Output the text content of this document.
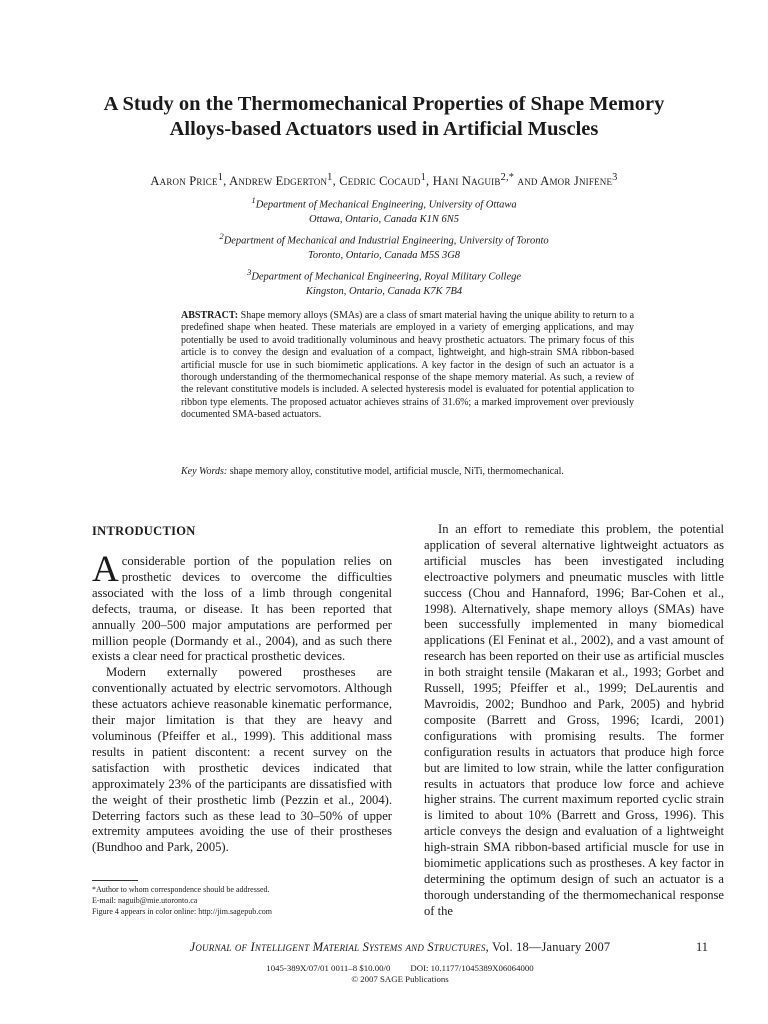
A Study on the Thermomechanical Properties of Shape Memory
Alloys-based Actuators used in Artificial Muscles
Aaron Price$^1$, Andrew Edgerton$^1$, Cedric Cocaud$^1$, Hani Naguib$^{2,*}$ and Amor Jnifene$^3$
$^1$Department of Mechanical Engineering, University of Ottawa
Ottawa, Ontario, Canada K1N 6N5
$^2$Department of Mechanical and Industrial Engineering, University of Toronto
Toronto, Ontario, Canada M5S 3G8
$^3$Department of Mechanical Engineering, Royal Military College
Kingston, Ontario, Canada K7K 7B4
ABSTRACT: Shape memory alloys (SMAs) are a class of smart material having the unique ability to return to a predefined shape when heated. These materials are employed in a variety of emerging applications, and may potentially be used to avoid traditionally voluminous and heavy prosthetic actuators. The primary focus of this article is to convey the design and evaluation of a compact, lightweight, and high-strain SMA ribbon-based artificial muscle for use in such biomimetic applications. A key factor in the design of such an actuator is a thorough understanding of the thermomechanical response of the shape memory material. As such, a review of the relevant constitutive models is included. A selected hysteresis model is evaluated for potential application to ribbon type elements. The proposed actuator achieves strains of 31.6%; a marked improvement over previously documented SMA-based actuators.
Key Words: shape memory alloy, constitutive model, artificial muscle, NiTi, thermomechanical.
INTRODUCTION

Aconsiderable portion of the population relies on prosthetic devices to overcome the difficulties associated with the loss of a limb through congenital defects, trauma, or disease. It has been reported that annually 200–500 major amputations are performed per million people (Dormandy et al., 2004), and as such there exists a clear need for practical prosthetic devices.

Modern externally powered prostheses are conventionally actuated by electric servomotors. Although these actuators achieve reasonable kinematic performance, their major limitation is that they are heavy and voluminous (Pfeiffer et al., 1999). This additional mass results in patient discontent: a recent survey on the satisfaction with prosthetic devices indicated that approximately 23% of the participants are dissatisfied with the weight of their prosthetic limb (Pezzin et al., 2004). Deterring factors such as these lead to 30–50% of upper extremity amputees avoiding the use of their prostheses (Bundhoo and Park, 2005).

In an effort to remediate this problem, the potential application of several alternative lightweight actuators as artificial muscles has been investigated including electroactive polymers and pneumatic muscles with little success (Chou and Hannaford, 1996; Bar-Cohen et al., 1998). Alternatively, shape memory alloys (SMAs) have been successfully implemented in many biomedical applications (El Feninat et al., 2002), and a vast amount of research has been reported on their use as artificial muscles in both straight tensile (Makaran et al., 1993; Gorbet and Russell, 1995; Pfeiffer et al., 1999; DeLaurentis and Mavroidis, 2002; Bundhoo and Park, 2005) and hybrid composite (Barrett and Gross, 1996; Icardi, 2001) configurations with promising results. The former configuration results in actuators that produce high force but are limited to low strain, while the latter configuration results in actuators that produce low force and achieve higher strains. The current maximum reported cyclic strain is limited to about 10% (Barrett and Gross, 1996). This article conveys the design and evaluation of a lightweight high-strain SMA ribbon-based artificial muscle for use in biomimetic applications such as prostheses. A key factor in determining the optimum design of such an actuator is a thorough understanding of the thermomechanical response of the

*Author to whom correspondence should be addressed.
E-mail: naguib@mie.utoronto.ca
Figure 4 appears in color online: http://jim.sagepub.com
Journal of Intelligent Material Systems and Structures, Vol. 18—January 2007	11
1045-389X/07/01 0011–8 $10.00/0 DOI: 10.1177/1045389X06064000
© 2007 SAGE Publications
